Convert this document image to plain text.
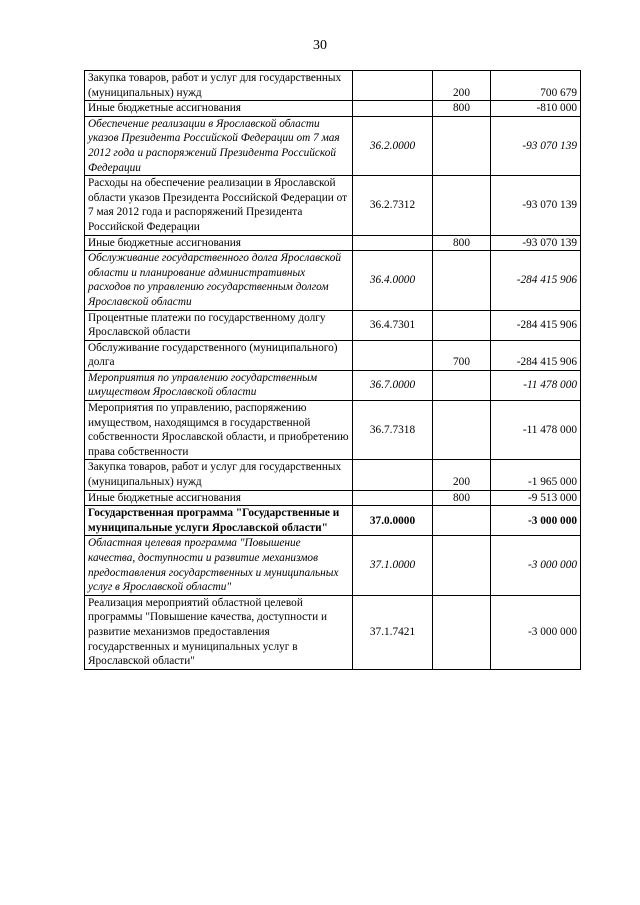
30
Закупка товаров, работ и услуг для государственных (муниципальных) нужд		200	700 679
Иные бюджетные ассигнования		800	-810 000
Обеспечение реализации в Ярославской области указов Президента Российской Федерации от 7 мая 2012 года и распоряжений Президента Российской Федерации	36.2.0000		-93 070 139
Расходы на обеспечение реализации в Ярославской области указов Президента Российской Федерации от 7 мая 2012 года и распоряжений Президента Российской Федерации	36.2.7312		-93 070 139
Иные бюджетные ассигнования		800	-93 070 139
Обслуживание государственного долга Ярославской области и планирование административных расходов по управлению государственным долгом Ярославской области	36.4.0000		-284 415 906
Процентные платежи по государственному долгу Ярославской области	36.4.7301		-284 415 906
Обслуживание государственного (муниципального) долга		700	-284 415 906
Мероприятия по управлению государственным имуществом Ярославской области	36.7.0000		-11 478 000
Мероприятия по управлению, распоряжению имуществом, находящимся в государственной собственности Ярославской области, и приобретению права собственности	36.7.7318		-11 478 000
Закупка товаров, работ и услуг для государственных (муниципальных) нужд		200	-1 965 000
Иные бюджетные ассигнования		800	-9 513 000
Государственная программа "Государственные и муниципальные услуги Ярославской области"	37.0.0000		-3 000 000
Областная целевая программа "Повышение качества, доступности и развитие механизмов предоставления государственных и муниципальных услуг в Ярославской области"	37.1.0000		-3 000 000
Реализация мероприятий областной целевой программы "Повышение качества, доступности и развитие механизмов предоставления государственных и муниципальных услуг в Ярославской области"	37.1.7421		-3 000 000
